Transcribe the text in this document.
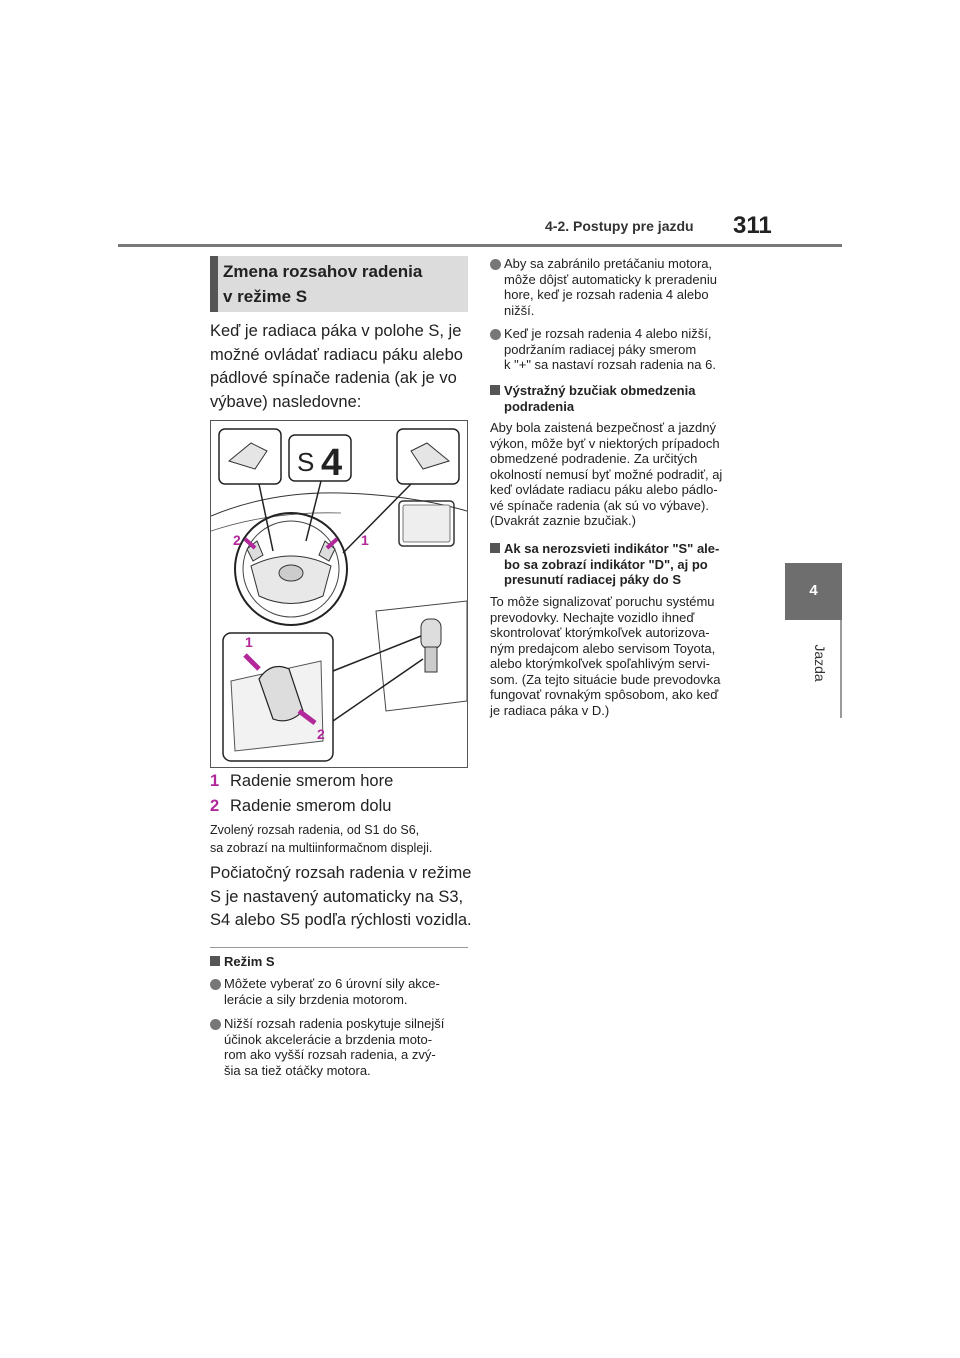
4-2. Postupy pre jazdu 311
4
Jazda
Zmena rozsahov radenia
v režime S
Keď je radiaca páka v polohe S, je
možné ovládať radiacu páku alebo
pádlové spínače radenia (ak je vo
výbave) nasledovne:
2	1
S 4
1
2
1 Radenie smerom hore
2 Radenie smerom dolu
Zvolený rozsah radenia, od S1 do S6,
sa zobrazí na multiinformačnom displeji.
Počiatočný rozsah radenia v režime
S je nastavený automaticky na S3,
S4 alebo S5 podľa rýchlosti vozidla.
Režim S
Môžete vyberať zo 6 úrovní sily akce-
lerácie a sily brzdenia motorom.
Nižší rozsah radenia poskytuje silnejší
účinok akcelerácie a brzdenia moto-
rom ako vyšší rozsah radenia, a zvý-
šia sa tiež otáčky motora.
Aby sa zabránilo pretáčaniu motora,
môže dôjsť automaticky k preradeniu
hore, keď je rozsah radenia 4 alebo
nižší.
Keď je rozsah radenia 4 alebo nižší,
podržaním radiacej páky smerom
k "+" sa nastaví rozsah radenia na 6.
Výstražný bzučiak obmedzenia
podradenia
Aby bola zaistená bezpečnosť a jazdný
výkon, môže byť v niektorých prípadoch
obmedzené podradenie. Za určitých
okolností nemusí byť možné podradiť, aj
keď ovládate radiacu páku alebo pádlo-
vé spínače radenia (ak sú vo výbave).
(Dvakrát zaznie bzučiak.)
Ak sa nerozsvieti indikátor "S" ale-
bo sa zobrazí indikátor "D", aj po
presunutí radiacej páky do S
To môže signalizovať poruchu systému
prevodovky. Nechajte vozidlo ihneď
skontrolovať ktorýmkoľvek autorizova-
ným predajcom alebo servisom Toyota,
alebo ktorýmkoľvek spoľahlivým servi-
som. (Za tejto situácie bude prevodovka
fungovať rovnakým spôsobom, ako keď
je radiaca páka v D.)
